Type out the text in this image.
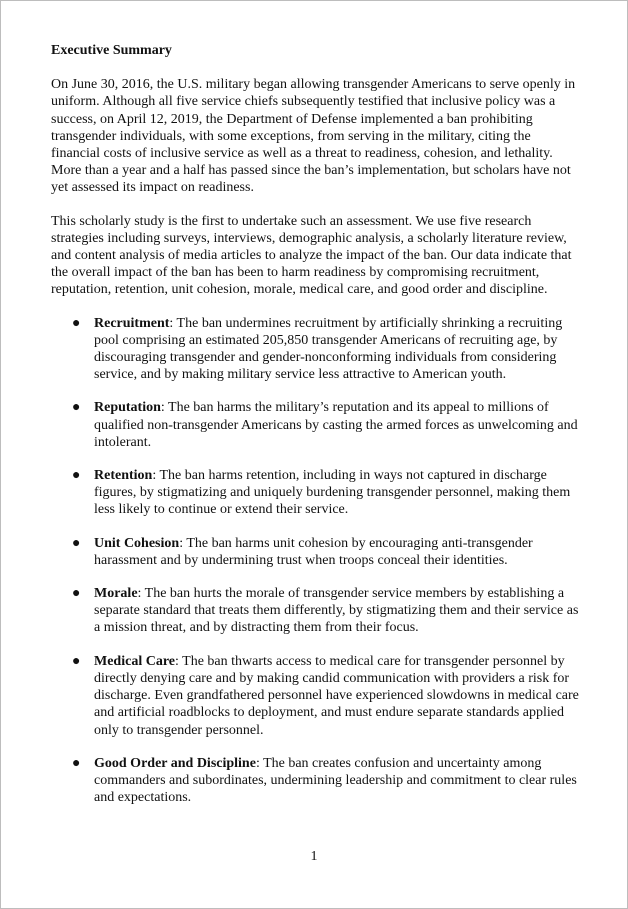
Executive Summary

On June 30, 2016, the U.S. military began allowing transgender Americans to serve openly in uniform. Although all five service chiefs subsequently testified that inclusive policy was a success, on April 12, 2019, the Department of Defense implemented a ban prohibiting transgender individuals, with some exceptions, from serving in the military, citing the financial costs of inclusive service as well as a threat to readiness, cohesion, and lethality. More than a year and a half has passed since the ban’s implementation, but scholars have not yet assessed its impact on readiness.

This scholarly study is the first to undertake such an assessment. We use five research strategies including surveys, interviews, demographic analysis, a scholarly literature review, and content analysis of media articles to analyze the impact of the ban. Our data indicate that the overall impact of the ban has been to harm readiness by compromising recruitment, reputation, retention, unit cohesion, morale, medical care, and good order and discipline.

● Recruitment: The ban undermines recruitment by artificially shrinking a recruiting pool comprising an estimated 205,850 transgender Americans of recruiting age, by discouraging transgender and gender-nonconforming individuals from considering service, and by making military service less attractive to American youth.
● Reputation: The ban harms the military’s reputation and its appeal to millions of qualified non-transgender Americans by casting the armed forces as unwelcoming and intolerant.
● Retention: The ban harms retention, including in ways not captured in discharge figures, by stigmatizing and uniquely burdening transgender personnel, making them less likely to continue or extend their service.
● Unit Cohesion: The ban harms unit cohesion by encouraging anti-transgender harassment and by undermining trust when troops conceal their identities.
● Morale: The ban hurts the morale of transgender service members by establishing a separate standard that treats them differently, by stigmatizing them and their service as a mission threat, and by distracting them from their focus.
● Medical Care: The ban thwarts access to medical care for transgender personnel by directly denying care and by making candid communication with providers a risk for discharge. Even grandfathered personnel have experienced slowdowns in medical care and artificial roadblocks to deployment, and must endure separate standards applied only to transgender personnel.
● Good Order and Discipline: The ban creates confusion and uncertainty among commanders and subordinates, undermining leadership and commitment to clear rules and expectations.
1
